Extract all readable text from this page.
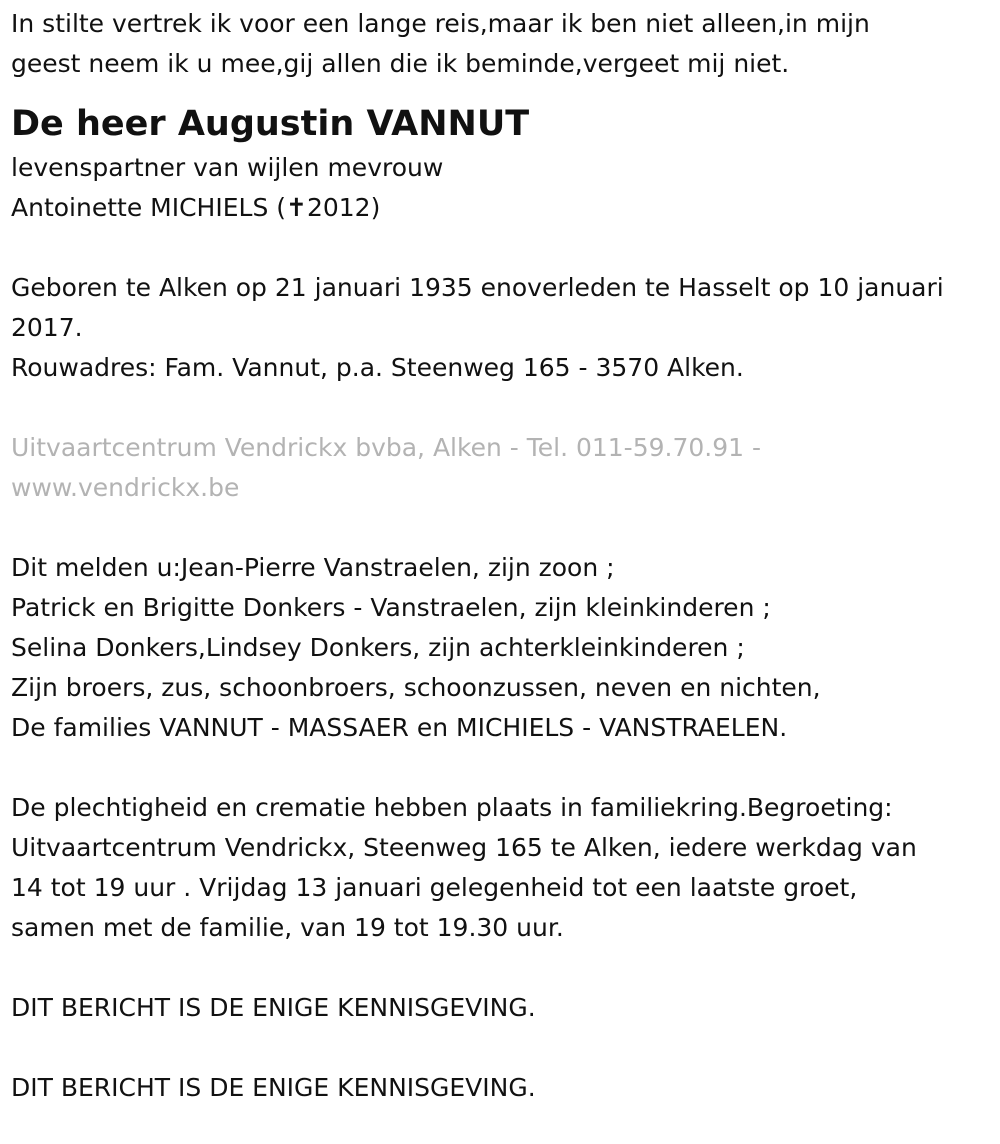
In stilte vertrek ik voor een lange reis,maar ik ben niet alleen,in mijn
geest neem ik u mee,gij allen die ik beminde,vergeet mij niet.
De heer Augustin VANNUT
levenspartner van wijlen mevrouw
Antoinette MICHIELS (✝2012)
Geboren te Alken op 21 januari 1935 enoverleden te Hasselt op 10 januari
2017.
Rouwadres: Fam. Vannut, p.a. Steenweg 165 - 3570 Alken.
Uitvaartcentrum Vendrickx bvba, Alken - Tel. 011-59.70.91 -
www.vendrickx.be
Dit melden u:Jean-Pierre Vanstraelen, zijn zoon ;
Patrick en Brigitte Donkers - Vanstraelen, zijn kleinkinderen ;
Selina Donkers,Lindsey Donkers, zijn achterkleinkinderen ;
Zijn broers, zus, schoonbroers, schoonzussen, neven en nichten,
De families VANNUT - MASSAER en MICHIELS - VANSTRAELEN.
De plechtigheid en crematie hebben plaats in familiekring.Begroeting:
Uitvaartcentrum Vendrickx, Steenweg 165 te Alken, iedere werkdag van
14 tot 19 uur . Vrijdag 13 januari gelegenheid tot een laatste groet,
samen met de familie, van 19 tot 19.30 uur.
DIT BERICHT IS DE ENIGE KENNISGEVING.
DIT BERICHT IS DE ENIGE KENNISGEVING.
